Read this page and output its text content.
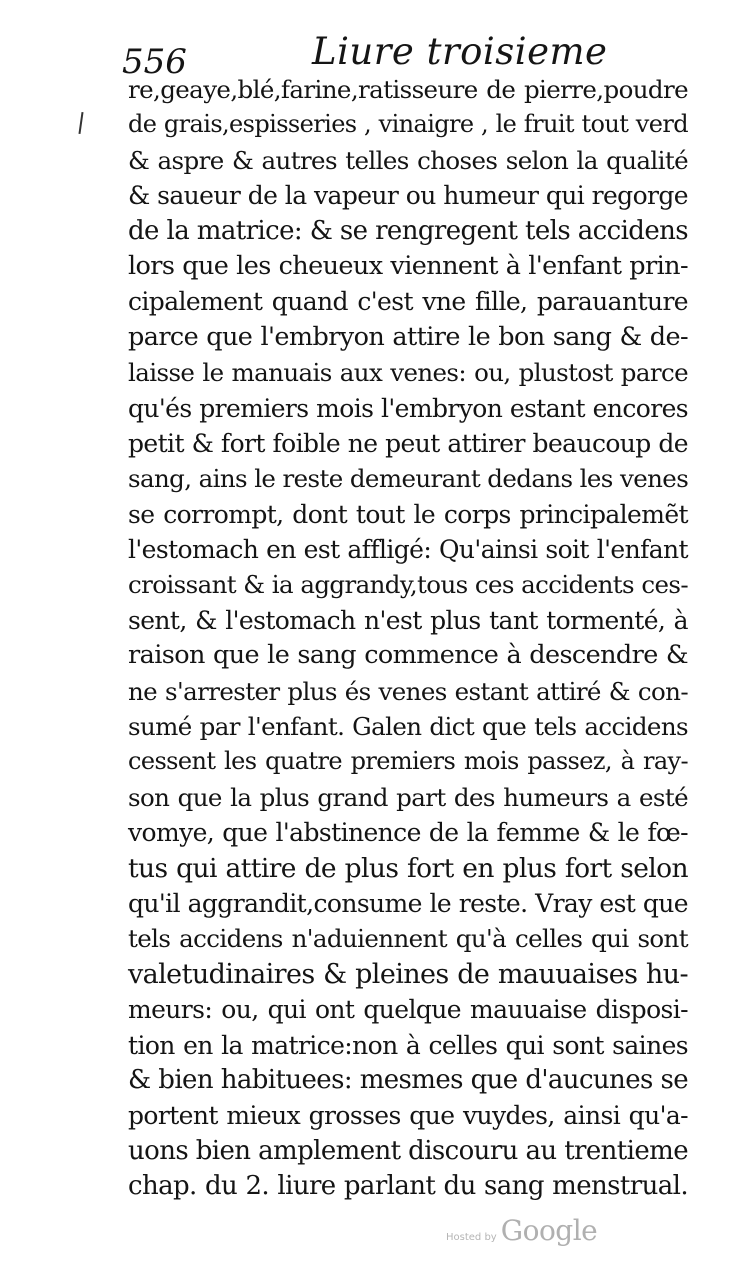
556	Liure troisieme
re,geaye,blé,farine,ratisseure de pierre,poudre
de grais,espisseries , vinaigre , le fruit tout verd
& aspre & autres telles choses selon la qualité
& saueur de la vapeur ou humeur qui regorge
de la matrice: & se rengregent tels accidens
lors que les cheueux viennent à l'enfant prin-
cipalement quand c'est vne fille, parauanture
parce que l'embryon attire le bon sang & de-
laisse le manuais aux venes: ou, plustost parce
qu'és premiers mois l'embryon estant encores
petit & fort foible ne peut attirer beaucoup de
sang, ains le reste demeurant dedans les venes
se corrompt, dont tout le corps principalemẽt
l'estomach en est affligé: Qu'ainsi soit l'enfant
croissant & ia aggrandy,tous ces accidents ces-
sent, & l'estomach n'est plus tant tormenté, à
raison que le sang commence à descendre &
ne s'arrester plus és venes estant attiré & con-
sumé par l'enfant. Galen dict que tels accidens
cessent les quatre premiers mois passez, à ray-
son que la plus grand part des humeurs a esté
vomye, que l'abstinence de la femme & le fœ-
tus qui attire de plus fort en plus fort selon
qu'il aggrandit,consume le reste. Vray est que
tels accidens n'aduiennent qu'à celles qui sont
valetudinaires & pleines de mauuaises hu-
meurs: ou, qui ont quelque mauuaise disposi-
tion en la matrice:non à celles qui sont saines
& bien habituees: mesmes que d'aucunes se
portent mieux grosses que vuydes, ainsi qu'a-
uons bien amplement discouru au trentieme
chap. du 2. liure parlant du sang menstrual.
Hosted by Google
